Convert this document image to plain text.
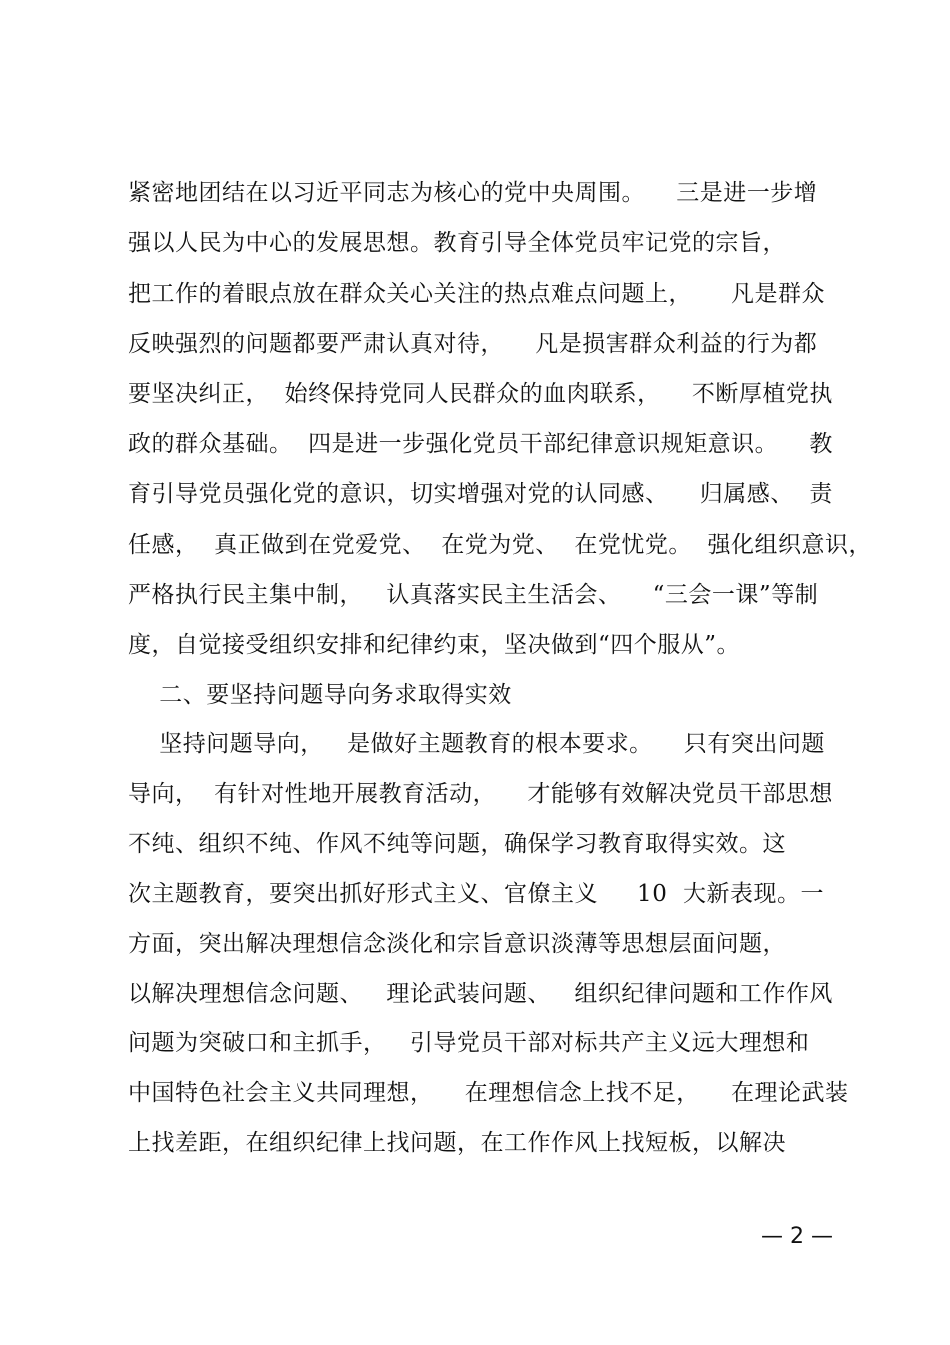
紧密地团结在以习近平同志为核心的党中央周围。    三是进一步增
强以人民为中心的发展思想。教育引导全体党员牢记党的宗旨，
把工作的着眼点放在群众关心关注的热点难点问题上，     凡是群众
反映强烈的问题都要严肃认真对待，    凡是损害群众利益的行为都
要坚决纠正，  始终保持党同人民群众的血肉联系，    不断厚植党执
政的群众基础。  四是进一步强化党员干部纪律意识规矩意识。    教
育引导党员强化党的意识，切实增强对党的认同感、    归属感、  责
任感，  真正做到在党爱党、  在党为党、  在党忧党。  强化组织意识，
严格执行民主集中制，   认真落实民主生活会、    “三会一课”等制
度，自觉接受组织安排和纪律约束，坚决做到“四个服从”。
二、要坚持问题导向务求取得实效
坚持问题导向，   是做好主题教育的根本要求。    只有突出问题
导向，  有针对性地开展教育活动，    才能够有效解决党员干部思想
不纯、组织不纯、作风不纯等问题，确保学习教育取得实效。这
次主题教育，要突出抓好形式主义、官僚主义     10  大新表现。一
方面，突出解决理想信念淡化和宗旨意识淡薄等思想层面问题，
以解决理想信念问题、   理论武装问题、   组织纪律问题和工作作风
问题为突破口和主抓手，   引导党员干部对标共产主义远大理想和
中国特色社会主义共同理想，    在理想信念上找不足，    在理论武装
上找差距，在组织纪律上找问题，在工作作风上找短板，以解决
— 2 —
